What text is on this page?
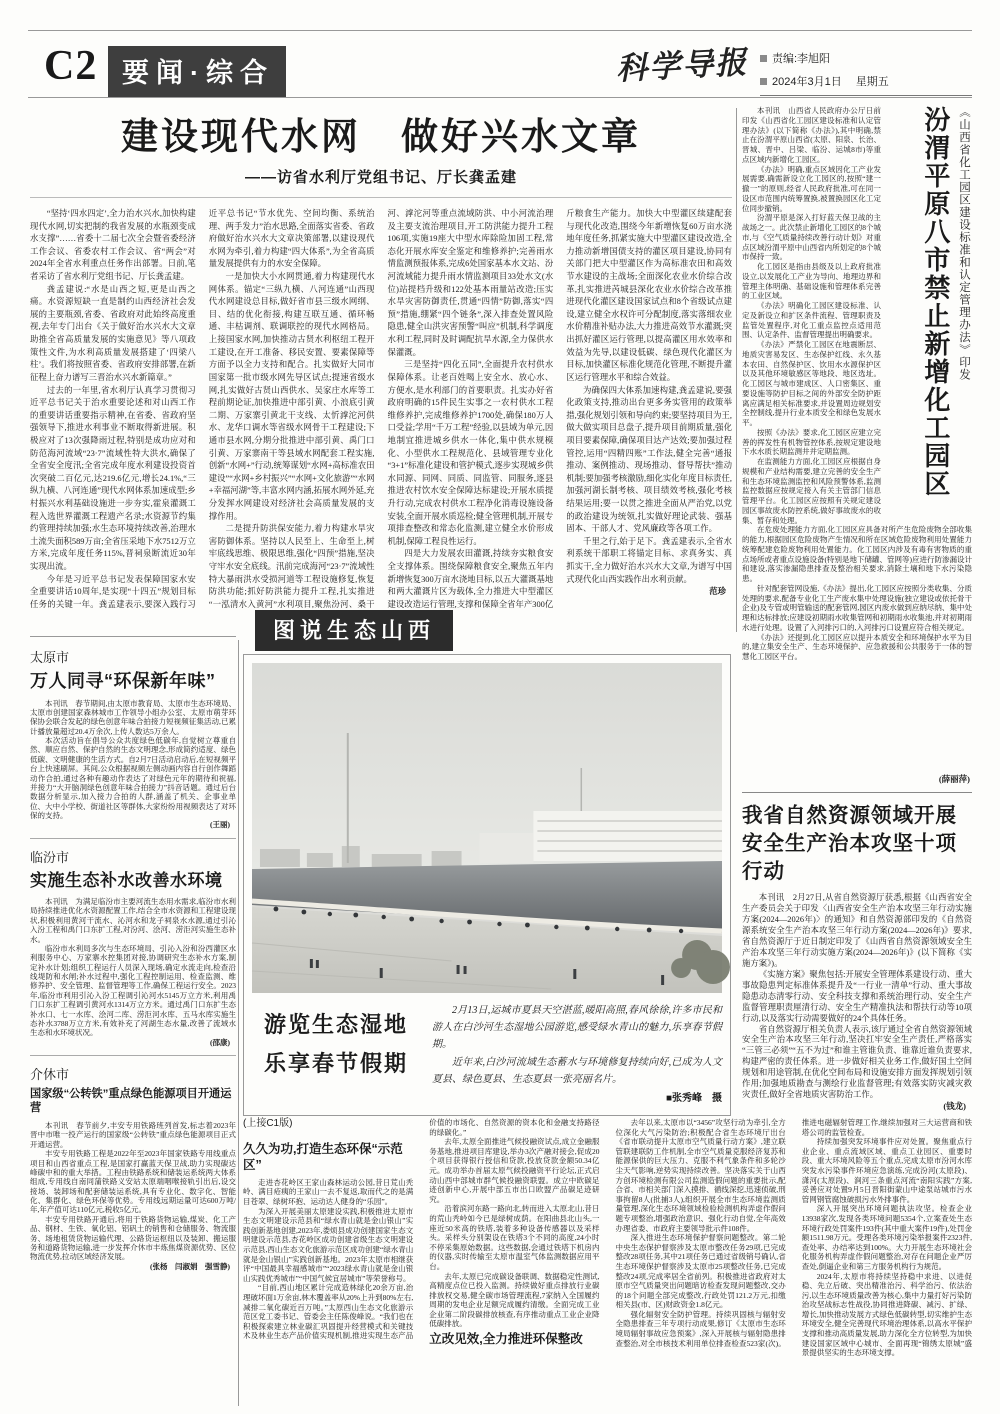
C2 要闻·综合	科学导报	责编:李旭阳
2024年3月1日 星期五
建设现代水网　做好兴水文章
——访省水利厅党组书记、厅长龚孟建

“坚持‘四水四定’,全力治水兴水,加快构建现代水网,切实把制约我省发展的水瓶颈变成水支撑”……省委十二届七次全会暨省委经济工作会议、省委农村工作会议、省“两会”对2024年全省水利重点任务作出部署。日前,笔者采访了省水利厅党组书记、厅长龚孟建。

龚孟建说:“水是山西之短,更是山西之痛。水资源短缺一直是制约山西经济社会发展的主要瓶颈,省委、省政府对此始终高度重视,去年专门出台《关于做好治水兴水大文章助推全省高质量发展的实施意见》等八项政策性文件,为水利高质量发展搭建了‘四梁八柱’。我们将按照省委、省政府安排部署,在新征程上奋力谱写三晋治水兴水新篇章。”

过去的一年里,省水利厅认真学习贯彻习近平总书记关于治水重要论述和对山西工作的重要讲话重要指示精神,在省委、省政府坚强领导下,推进水利事业不断取得新进展。积极应对了13次强降雨过程,特别是成功应对和防范海河流域“23·7”流域性特大洪水,确保了全省安全度汛;全省完成年度水利建设投资首次突破二百亿元,达219.6亿元,增长24.1%,“三纵九横、八河连通”现代水网体系加速成型;乡村振兴水利基础设施进一步夯实,霍泉灌溉工程入选世界灌溉工程遗产名录;水资源节约集约管理持续加强;水生态环境持续改善,治理水土流失面积589万亩;全省压采地下水7512万立方米,完成年度任务115%,晋祠泉断流近30年实现出流。

今年是习近平总书记发表保障国家水安全重要讲话10周年,是实现“十四五”规划目标任务的关键一年。龚孟建表示,要深入践行习近平总书记“节水优先、空间均衡、系统治理、两手发力”治水思路,全面落实省委、省政府做好治水兴水大文章决策部署,以建设现代水网为牵引,着力构建“四大体系”,为全省高质量发展提供有力的水安全保障。

一是加快大小水网贯通,着力构建现代水网体系。锚定“三纵九横、八河连通”山西现代水网建设总目标,做好省市县三级水网纲、目、结的优化衔接,构建互联互通、循环畅通、丰枯调剂、联调联控的现代水网格局。上接国家水网,加快推动古贤水利枢纽工程开工建设,在开工准备、移民安置、要素保障等方面予以全力支持和配合。扎实做好大同市国家第一批市级水网先导区试点;提速省级水网,扎实做好古贤山西供水、吴家庄水库等工程前期论证,加快推进中部引黄、小浪底引黄二期、万家寨引黄北干支线、太忻滹沱河供水、龙华口调水等省级水网骨干工程建设;下通市县水网,分期分批推进中部引黄、禹门口引黄、万家寨南干等县域水网配套工程实施,创新“水网+”行动,统筹谋划“水网+高标准农田建设”“水网+乡村振兴”“水网+文化旅游”“水网+幸福河湖”等,丰富水网内涵,拓展水网外延,充分发挥水网建设对经济社会高质量发展的支撑作用。

二是提升防洪保安能力,着力构建水旱灾害防御体系。坚持以人民至上、生命至上,树牢底线思维、极限思维,强化“四预”措施,坚决守牢水安全底线。汛前完成海河“23·7”流域性特大暴雨洪水受损河道等工程设施修复,恢复防洪功能;抓好防洪能力提升工程,扎实推进“一泓清水入黄河”水利项目,聚焦汾河、桑干河、滹沱河等重点流域防洪、中小河流治理及主要支流治理项目,开工防洪能力提升工程106项,实施19座大中型水库除险加固工程,常态化开展水库安全鉴定和维修养护;完善雨水情监测预报体系,完成6处国家基本水文站、汾河流域能力提升雨水情监测项目33处水文(水位)站提档升级和122处基本雨量站改造;压实水旱灾害防御责任,贯通“四情”防御,落实“四预”措施,绷紧“四个链条”,深入排查处置风险隐患,健全山洪灾害预警“叫应”机制,科学调度水利工程,同时及时调配抗旱水源,全力保供水保灌溉。

三是坚持“四化五同”,全面提升农村供水保障体系。让老百姓喝上安全水、放心水、方便水,是水利部门的首要职责。扎实办好省政府明确的15件民生实事之一农村供水工程维修养护,完成维修养护1700处,确保180万人口受益;学用“千万工程”经验,以县域为单元,因地制宜推进城乡供水一体化,集中供水规模化、小型供水工程规范化、县域管理专业化“3+1”标准化建设和管护模式,逐步实现城乡供水同源、同网、同质、同监管、同服务,逐县推进农村饮水安全保障达标建设;开展水质提升行动,完成农村供水工程净化消毒设施设备安装,全面开展水质巡检;健全管理机制,开展专项排查整改和常态化监测,建立健全水价形成机制,保障工程良性运行。

四是大力发展农田灌溉,持续夯实粮食安全支撑体系。围绕保障粮食安全,聚焦五年内新增恢复300万亩水浇地目标,以五大灌溉基地和两大灌溉片区为载体,全力推进大中型灌区建设改造运行管理,支撑和保障全省年产300亿斤粮食生产能力。加快大中型灌区续建配套与现代化改造,围绕今年新增恢复60万亩水浇地年度任务,抓紧实施大中型灌区建设改造,全力推动新增国债支持的灌区项目建设,协同有关部门把大中型灌区作为高标准农田和高效节水建设的主战场;全面深化农业水价综合改革,扎实推进芮城县深化农业水价综合改革推进现代化灌区建设国家试点和8个省级试点建设,建立健全水权许可分配制度,落实落细农业水价精准补贴办法,大力推进高效节水灌溉;突出抓好灌区运行管理,以提高灌区用水效率和效益为先导,以建设低碳、绿色现代化灌区为目标,加快灌区标准化规范化管理,不断提升灌区运行管理水平和综合效益。

为确保四大体系加速构建,龚孟建说,要强化政策支持,推动出台更多务实管用的政策举措,强化规划引领和导向约束;要坚持项目为王,做大做实项目总盘子,提升项目前期质量,强化项目要素保障,确保项目达产达效;要加强过程管控,运用“四精四账”工作法,健全完善“通报推动、案例推动、现场推动、督导帮扶”推动机制;要加强考核激励,细化实化年度目标责任,加强河湖长制考核、项目绩效考核,强化考核结果运用;要一以贯之推进全面从严治党,以党的政治建设为统领,扎实做好理论武装、强基固本、干部人才、党风廉政等各项工作。

千里之行,始于足下。龚孟建表示,全省水利系统干部职工将锚定目标、求真务实、真抓实干,全力做好治水兴水大文章,为谱写中国式现代化山西实践作出水利贡献。

范珍

《山西省化工园区建设标准和认定管理办法》印发
汾渭平原八市禁止新增化工园区

本刊讯　山西省人民政府办公厅日前印发《山西省化工园区建设标准和认定管理办法》(以下简称《办法》),其中明确,禁止在汾渭平原山西省(太原、阳泉、长治、晋城、晋中、吕梁、临汾、运城8市)等重点区域内新增化工园区。

《办法》明确,重点区域因化工产业发展需要,确需新设立化工园区的,按照“建一撤一”的原则,经省人民政府批准,可在同一设区市范围内统筹置换,被置换园区化工定位同步撤销。

汾渭平原是深入打好蓝天保卫战的主战场之一。此次禁止新增化工园区的8个城市,与《空气质量持续改善行动计划》对重点区域汾渭平原中山西省内所划定的8个城市保持一致。

化工园区是指由县级及以上政府批准设立,以发展化工产业为导向、地理边界和管理主体明确、基础设施和管理体系完善的工业区域。

《办法》明确化工园区建设标准、认定及新设立和扩区条件流程、管理职责及监管处置程序,对化工重点监控点适用范围、认定条件、监督管理提出明确要求。

《办法》严禁化工园区在地震断层、地质灾害易发区、生态保护红线、永久基本农田、自然保护区、饮用水水源保护区以及其他环境敏感区等地段、地区选址。化工园区与城市建成区、人口密集区、重要设施等防护目标之间的外部安全防护距离应满足相关标准要求,并设置周边规划安全控制线,提升行业本质安全和绿色发展水平。

按照《办法》要求,化工园区应建立完善的挥发性有机物管控体系,按规定建设地下水水质长期监测井并定期监测。

在监测能力方面,化工园区应根据自身规模和产业结构需要,建立完善的安全生产和生态环境监测监控和风险预警体系,监测监控数据应按规定接入有关主管部门信息管理平台。化工园区应按照有关规定建设园区事故废水防控系统,做好事故废水的收集、暂存和处理。

在危废处理能力方面,化工园区应具备对所产生危险废物全部收集的能力,根据园区危险废物产生情况和所在区域危险废物利用处置能力统筹配建危险废物利用处置能力。化工园区内涉及有毒有害物质的重点场所或者重点设施设备(特别是地下储罐、管网等)应进行防渗漏设计和建设,落实渗漏隐患排查及整治相关要求,消除土壤和地下水污染隐患。

针对配套管网设施,《办法》提出,化工园区应按照分类收集、分质处理的要求,配备专业化工生产废水集中处理设施(独立建设或依托骨干企业)及专管或明管输送的配套管网,园区内废水做到应纳尽纳、集中处理和达标排放;应建设初期雨水收集管网和初期雨水收集池,并对初期雨水进行处理。设置了入河排污口的,入河排污口设置应符合相关规定。

《办法》还提到,化工园区应以提升本质安全和环境保护水平为目的,建立集安全生产、生态环境保护、应急救援和公共服务于一体的智慧化工园区平台。

(薛丽萍)
我省自然资源领域开展
安全生产治本攻坚十项行动

本刊讯　2月27日,从省自然资源厅获悉,根据《山西省安全生产委员会关于印发〈山西省安全生产治本攻坚三年行动实施方案(2024—2026年)〉的通知》和自然资源部印发的《自然资源系统安全生产治本攻坚三年行动方案(2024—2026年)》要求,省自然资源厅于近日制定印发了《山西省自然资源领域安全生产治本攻坚三年行动实施方案(2024—2026年)》(以下简称《实施方案》)。

《实施方案》聚焦包括:开展安全管理体系建设行动、重大事故隐患判定标准体系提升及“一行业一清单”行动、重大事故隐患动态清零行动、安全科技支撑和系统治理行动、安全生产监督管理职责厘清行动、安全生产精准执法和帮扶行动等10项行动,以及落实行动需要做好的24个具体任务。

省自然资源厅相关负责人表示,该厅通过全省自然资源领域安全生产治本攻坚三年行动,坚决扛牢安全生产责任,严格落实“三管三必须”“五不为过”和谁主管谁负责、谁靠近谁负责要求,构建严密的责任体系。进一步做好相关业务工作,做好国土空间规划和用途管制,在优化空间布局和设施安排方面发挥规划引领作用;加强地质勘查与测绘行业监督管理;有效落实防灾减灾救灾责任,做好全省地质灾害防治工作。

(钱龙)

太原市
万人同寻“环保新年味”

本刊讯　春节期间,由太原市教育局、太原市生态环境局、太原市创建国家森林城市工作领导小组办公室、太原市萌芽环保协会联合发起的绿色创意年味合拍接力短视频征集活动,已累计播放量超过20.4万余次,上传人数达5万余人。

本次活动旨在倡导公众共度绿色低碳年,自觉树立尊重自然、顺应自然、保护自然的生态文明理念,形成简约适度、绿色低碳、文明健康的生活方式。自2月7日活动启动后,在短视频平台上快速刷屏。其间,公众根据视频左侧动画内容自行创作舞蹈动作合拍,通过各种有趣动作表达了对绿色元年的期待和祝福,并接力“大开脑洞绿色创意年味合拍接力”抖音话题。通过后台数据分析显示,加入接力合拍的人群,涵盖了机关、企事业单位、大中小学校、街道社区等群体,大家纷纷用视频表达了对环保的支持。

(王丽)

临汾市
实施生态补水改善水环境

本刊讯　为满足临汾市主要河流生态用水需求,临汾市水利局持续推进优化水资源配置工作,结合全市水资源和工程建设现状,积极利用黄河干流水、沁河水和龙子祠泉水水源,通过引沁入汾工程和禹门口东扩工程,对汾河、浍河、涝洰河实施生态补水。

临汾市水利局多次与生态环境局、引沁入汾和汾西灌区水利服务中心、万家寨水控集团对接,协调研究生态补水方案,制定补水计划;组织工程运行人员深入现场,确定水流走向,检查沿线堤防和水闸;补水过程中,强化工程控制运用、检查监测、维修养护、安全管理、监督管理等工作,确保工程运行安全。2023年,临汾市利用引沁入汾工程调引沁河水5145万立方米,利用禹门口东扩工程调引黄河水1314万立方米。通过禹门口东扩生态补水口、七一水库、浍河二库、涝洰河水库、五马水库实施生态补水3788万立方米,有效补充了河湖生态水量,改善了流域水生态和水环境状况。

(邵康)

介休市
国家级“公转铁”重点绿色能源项目开通运营

本刊讯　春节前夕,丰安专用铁路班列首发,标志着2023年晋中市唯一投产运行的国家级“公转铁”重点绿色能源项目正式开通运营。

丰安专用铁路工程是2022年至2023年国家铁路专用线重点项目和山西省重点工程,是国家打赢蓝天保卫战,助力实现碳达峰碳中和的重大举措。工程由铁路系统和储装运系统两大体系组成,专用线自南同蒲铁路义安站太原端咽喉接轨引出后,设交接场、装卸场和配套储装运系统,具有专业化、数字化、智能化、集群化、绿色环保等优势。专用线远期运量可达600万吨/年,年产值可达110亿元,税收5亿元。

丰安专用铁路开通后,将用于铁路货物运输,煤炭、化工产品、钢材、生铁、氧化铝、铝矾土的销售和仓储服务、物流服务、场地租赁货物运输代理、公路货运枢纽以及装卸、搬运服务和道路货物运输,进一步发挥介休市丰炼焦煤资源优势、区位物流优势,拉动区域经济发展。

(张杨　闫淑娟　强雪静)

图说生态山西
游览生态湿地
乐享春节假期

2月13日,运城市夏县天空湛蓝,暖阳高照,春风徐徐,许多市民和游人在白沙河生态湿地公园游览,感受绿水青山的魅力,乐享春节假期。

近年来,白沙河流域生态蓄水与环境修复持续向好,已成为人文夏县、绿色夏县、生态夏县一张亮丽名片。

■张秀峰　摄

(上接C1版)

久久为功,打造生态环保“示范区”

走进杏花岭区王家山森林运动公园,昔日荒山秃岭、满目疮痍的王家山一去不复返,取而代之的是满目苍翠、绿树环抱、运动达人健身的“乐园”。

为深入开展美丽太原建设实践,积极推进太原市生态文明建设示范县和“绿水青山就是金山银山”实践创新基地创建,2023年,娄烦县成功创建国家生态文明建设示范县,杏花岭区成功创建省级生态文明建设示范县,西山生态文化旅游示范区成功创建“绿水青山就是金山银山”实践创新基地。2023年太原市相继获评“中国最具幸福感城市”“2023绿水青山就是金山银山实践优秀城市”“中国气候宜居城市”等荣誉称号。

“目前,西山地区累计完成造林绿化20余万亩,治理破坏面1万余亩,林木覆盖率从20%上升到80%左右,减排二氧化碳近百万吨。”太原西山生态文化旅游示范区党工委书记、管委会主任陈俊峰说。“我们也在积极探索建立林业碳汇巩固提升经营模式和关键技术及林业生态产品价值实现机制,推进实现生态产品价值的市场化、自然资源的资本化和金融支持路径的绿碳化。”

去年,太原全面推进气候投融资试点,成立金融服务基地,推进项目库建设,举办3次产融对接会,促成20个项目获得银行授信和贷款,投放贷款金额50.34亿元。成功举办首届太原气候投融资平行论坛,正式启动山西中部城市群气候投融资联盟。成立中欧碳足迹创新中心,开展中部五市出口欧盟产品碳足迹研究。

沿着滨河东路一路向北,转而进入太原北山,昔日的荒山秃岭如今已是绿树成荫。在阳曲县北山头,一座近50米高的铁塔,装着多种设备传感器以及采样头。采样头分别架设在铁塔3个不同的高度,24小时不停采集原始数据。这些数据,会通过铁塔下机房内的仪器,实时传输至太原市温室气体监测数据应用平台。

去年,太原已完成碳设备联调、数据稳定性测试,高精度点位已投入监测。持续做好重点排放行业碳排放权交易,健全碳市场管理流程,7家纳入全国履约周期的发电企业足额完成履约清缴。全面完成工业企业第二阶段碳排放核查,有序推动重点工业企业降低碳排放。

立改见效,全力推进环保整改

去年以来,太原市以“3456”攻坚行动为牵引,全方位深化大气污染防治;积极配合省生态环境厅出台《省市联动提升太原市空气质量行动方案》,建立联管联建联防工作机制,全市空气质量克服经济复苏和能源保供的巨大压力、克服不利气象条件和多轮沙尘天气影响,逆势实现持续改善。坚决落实关于山西方创环境检测有限公司监测造假问题的重要批示,配合省、市相关部门深入摸排、循线深挖,迅速侦破,刑事拘留8人(批捕3人),组织开展全市生态环境监测质量管理,深化生态环境领域检验检测机构弄虚作假问题专项整治,增强政治意识、强化行动自觉,全年高效办理省委、市政府主要领导批示件108件。

深入推进生态环境保护督察问题整改。第二轮中央生态保护督察涉及太原市整改任务29项,已完成整改28项任务,其中21项任务已通过省级销号确认,省生态环境保护督察涉及太原市25项整改任务,已完成整改24项,完成率居全省前列。积极推进省政府对太原市空气质量突出问题暗访检查发现问题整改,交办的18个问题全部完成整改,行政处罚121.2万元,扣缴相关县(市、区)财政资金1.8亿元。

强化辐射安全防护管理。持续巩固核与辐射安全隐患排查三年专项行动成果,修订《太原市生态环境局辐射事故应急预案》,深入开展核与辐射隐患排查整治,对全市核技术利用单位排查检查523家(次)。推进电磁辐射管理工作,继续加强对三大运营商和铁塔公司的监管检查。

持续加强突发环境事件应对处置。聚焦重点行业企业、重点流域区域、重点工业园区、重要时段、重大环境风险等五个重点,完成太原市汾河水库突发水污染事件环境应急演练,完成汾河(太原段)、潇河(太原段)、涧河三条重点河流“南阳实践”方案,妥善应对处置9月5日晋阳街蒙山中途泵站城市污水管网钢管腐蚀破损污水外排事件。

深入开展突出环境问题执法攻坚。检查企业13938家次,发现各类环境问题5354个,立案查处生态环境行政处罚案件193件(其中重大案件19件),处罚金额1511.98万元。受理各类环境污染举报案件2323件,查处率、办结率达到100%。大力开展生态环境社会化服务机构弄虚作假问题整治,对存在问题企业严厉查处,倒逼企业和第三方服务机构行为规范。

2024年,太原市将持续坚持稳中求进、以进促稳、先立后破、突出精准治污、科学治污、依法治污,以生态环境质量改善为核心,集中力量打好污染防治攻坚战标志性战役,协同推进降碳、减污、扩绿、增长,加快推动发展方式绿色低碳转型,切实维护生态环境安全,健全完善现代环境治理体系,以高水平保护支撑和推动高质量发展,助力深化全方位转型,为加快建设国家区域中心城市、全面再现“锦绣太原城”盛景提供坚实的生态环境支撑。
